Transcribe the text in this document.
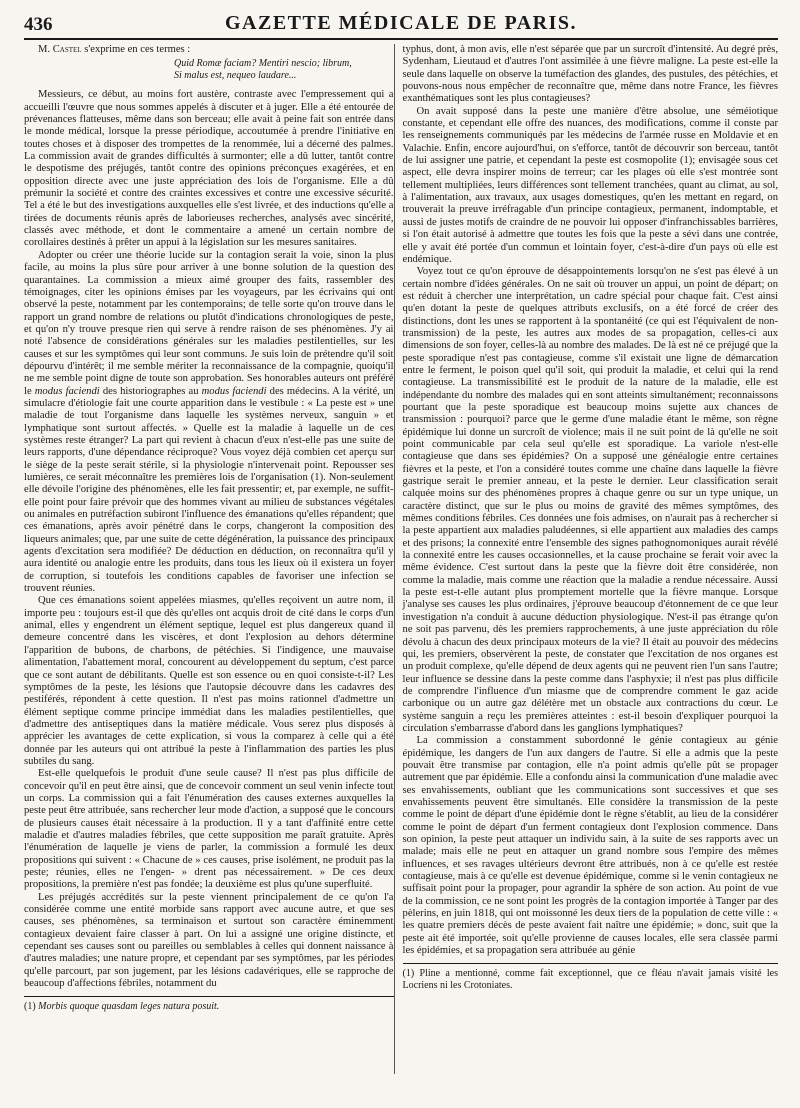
436	GAZETTE MÉDICALE DE PARIS.

M. Castel s'exprime en ces termes :

Quid Romæ faciam? Mentiri nescio; librum,
Si malus est, nequeo laudare...

Messieurs, ce début, au moins fort austère, contraste avec l'empressement qui a accueilli l'œuvre que nous sommes appelés à discuter et à juger. Elle a été entourée de prévenances flatteuses, même dans son berceau; elle avait à peine fait son entrée dans le monde médical, lorsque la presse périodique, accoutumée à prendre l'initiative en toutes choses et à disposer des trompettes de la renommée, lui a décerné des palmes. La commission avait de grandes difficultés à surmonter; elle a dû lutter, tantôt contre le despotisme des préjugés, tantôt contre des opinions préconçues exagérées, et en opposition directe avec une juste appréciation des lois de l'organisme. Elle a dû prémunir la société et contre des craintes excessives et contre une excessive sécurité. Tel a été le but des investigations auxquelles elle s'est livrée, et des inductions qu'elle a tirées de documents réunis après de laborieuses recherches, analysés avec sincérité, classés avec méthode, et dont le commentaire a amené un certain nombre de corollaires destinés à prêter un appui à la législation sur les mesures sanitaires.

Adopter ou créer une théorie lucide sur la contagion serait la voie, sinon la plus facile, au moins la plus sûre pour arriver à une bonne solution de la question des quarantaines. La commission a mieux aimé grouper des faits, rassembler des témoignages, citer les opinions émises par les voyageurs, par les écrivains qui ont observé la peste, notamment par les contemporains; de telle sorte qu'on trouve dans le rapport un grand nombre de relations ou plutôt d'indications chronologiques de peste, et qu'on n'y trouve presque rien qui serve à rendre raison de ses phénomènes. J'y ai noté l'absence de considérations générales sur les maladies pestilentielles, sur les causes et sur les symptômes qui leur sont communs. Je suis loin de prétendre qu'il soit dépourvu d'intérêt; il me semble mériter la reconnaissance de la compagnie, quoiqu'il ne me semble point digne de toute son approbation. Ses honorables auteurs ont préféré le modus faciendi des historiographes au modus faciendi des médecins. A la vérité, un simulacre d'étiologie fait une courte apparition dans le vestibule : « La peste est » une maladie de tout l'organisme dans laquelle les systèmes nerveux, sanguin » et lymphatique sont surtout affectés. » Quelle est la maladie à laquelle un de ces systèmes reste étranger? La part qui revient à chacun d'eux n'est-elle pas une suite de leurs rapports, d'une dépendance réciproque? Vous voyez déjà combien cet aperçu sur le siège de la peste serait stérile, si la physiologie n'intervenait point. Repousser ses lumières, ce serait méconnaître les premières lois de l'organisation (1). Non-seulement elle dévoile l'origine des phénomènes, elle les fait pressentir; et, par exemple, ne suffit-elle point pour faire prévoir que des hommes vivant au milieu de substances végétales ou animales en putréfaction subiront l'influence des émanations qu'elles répandent; que ces émanations, après avoir pénétré dans le corps, changeront la composition des liqueurs animales; que, par une suite de cette dégénération, la puissance des principaux agents d'excitation sera modifiée? De déduction en déduction, on reconnaîtra qu'il y aura identité ou analogie entre les produits, dans tous les lieux où il existera un foyer de corruption, si toutefois les conditions capables de favoriser une infection se trouvent réunies.

Que ces émanations soient appelées miasmes, qu'elles reçoivent un autre nom, il importe peu : toujours est-il que dès qu'elles ont acquis droit de cité dans le corps d'un animal, elles y engendrent un élément septique, lequel est plus dangereux quand il demeure concentré dans les viscères, et dont l'explosion au dehors détermine l'apparition de bubons, de charbons, de pétéchies. Si l'indigence, une mauvaise alimentation, l'abattement moral, concourent au développement du septum, c'est parce que ce sont autant de débilitants. Quelle est son essence ou en quoi consiste-t-il? Les symptômes de la peste, les lésions que l'autopsie découvre dans les cadavres des pestiférés, répondent à cette question. Il n'est pas moins rationnel d'admettre un élément septique comme principe immédiat dans les maladies pestilentielles, que d'admettre des antiseptiques dans la matière médicale. Vous serez plus disposés à apprécier les avantages de cette explication, si vous la comparez à celle qui a été donnée par les auteurs qui ont attribué la peste à l'inflammation des parties les plus subtiles du sang.

Est-elle quelquefois le produit d'une seule cause? Il n'est pas plus difficile de concevoir qu'il en peut être ainsi, que de concevoir comment un seul venin infecte tout un corps. La commission qui a fait l'énumération des causes externes auxquelles la peste peut être attribuée, sans rechercher leur mode d'action, a supposé que le concours de plusieurs causes était nécessaire à la production. Il y a tant d'affinité entre cette maladie et d'autres maladies fébriles, que cette supposition me paraît gratuite. Après l'énumération de laquelle je viens de parler, la commission a formulé les deux propositions qui suivent : « Chacune de » ces causes, prise isolément, ne produit pas la peste; réunies, elles ne l'engen- » drent pas nécessairement. » De ces deux propositions, la première n'est pas fondée; la deuxième est plus qu'une superfluité.

Les préjugés accrédités sur la peste viennent principalement de ce qu'on l'a considérée comme une entité morbide sans rapport avec aucune autre, et que ses causes, ses phénomènes, sa terminaison et surtout son caractère éminemment contagieux devaient faire classer à part. On lui a assigné une origine distincte, et cependant ses causes sont ou pareilles ou semblables à celles qui donnent naissance à d'autres maladies; une nature propre, et cependant par ses symptômes, par les périodes qu'elle parcourt, par son jugement, par les lésions cadavériques, elle se rapproche de beaucoup d'affections fébriles, notamment du

(1) Morbis quoque quasdam leges natura posuit.

typhus, dont, à mon avis, elle n'est séparée que par un surcroît d'intensité. Au degré près, Sydenham, Lieutaud et d'autres l'ont assimilée à une fièvre maligne. La peste est-elle la seule dans laquelle on observe la tuméfaction des glandes, des pustules, des pétéchies, et pouvons-nous nous empêcher de reconnaître que, même dans notre France, les fièvres exanthématiques sont les plus contagieuses?

On avait supposé dans la peste une manière d'être absolue, une séméiotique constante, et cependant elle offre des nuances, des modifications, comme il conste par les renseignements communiqués par les médecins de l'armée russe en Moldavie et en Valachie. Enfin, encore aujourd'hui, on s'efforce, tantôt de découvrir son berceau, tantôt de lui assigner une patrie, et cependant la peste est cosmopolite (1); envisagée sous cet aspect, elle devra inspirer moins de terreur; car les plages où elle s'est montrée sont tellement multipliées, leurs différences sont tellement tranchées, quant au climat, au sol, à l'alimentation, aux travaux, aux usages domestiques, qu'en les mettant en regard, on trouverait la preuve irréfragable d'un principe contagieux, permanent, indomptable, et aussi de justes motifs de craindre de ne pouvoir lui opposer d'infranchissables barrières, si l'on était autorisé à admettre que toutes les fois que la peste a sévi dans une contrée, elle y avait été portée d'un commun et lointain foyer, c'est-à-dire d'un pays où elle est endémique.

Voyez tout ce qu'on éprouve de désappointements lorsqu'on ne s'est pas élevé à un certain nombre d'idées générales. On ne sait où trouver un appui, un point de départ; on est réduit à chercher une interprétation, un cadre spécial pour chaque fait. C'est ainsi qu'en dotant la peste de quelques attributs exclusifs, on a été forcé de créer des distinctions, dont les unes se rapportent à la spontanéité (ce qui est l'équivalent de non-transmission) de la peste, les autres aux modes de sa propagation, celles-ci aux dimensions de son foyer, celles-là au nombre des malades. De là est né ce préjugé que la peste sporadique n'est pas contagieuse, comme s'il existait une ligne de démarcation entre le ferment, le poison quel qu'il soit, qui produit la maladie, et celui qui la rend contagieuse. La transmissibilité est le produit de la nature de la maladie, elle est indépendante du nombre des malades qui en sont atteints simultanément; reconnaissons pourtant que la peste sporadique est beaucoup moins sujette aux chances de transmission : pourquoi? parce que le germe d'une maladie étant le même, son règne épidémique lui donne un surcroît de violence; mais il ne suit point de là qu'elle ne soit point communicable par cela seul qu'elle est sporadique. La variole n'est-elle contagieuse que dans ses épidémies? On a supposé une généalogie entre certaines fièvres et la peste, et l'on a considéré toutes comme une chaîne dans laquelle la fièvre gastrique serait le premier anneau, et la peste le dernier. Leur classification serait calquée moins sur des phénomènes propres à chaque genre ou sur un type unique, un caractère distinct, que sur le plus ou moins de gravité des mêmes symptômes, des mêmes conditions fébriles. Ces données une fois admises, on n'aurait pas à rechercher si la peste appartient aux maladies paludéennes, si elle appartient aux maladies des camps et des prisons; la connexité entre l'ensemble des signes pathognomoniques aurait révélé la connexité entre les causes occasionnelles, et la cause prochaine se ferait voir avec la même évidence. C'est surtout dans la peste que la fièvre doit être considérée, non comme la maladie, mais comme une réaction que la maladie a rendue nécessaire. Aussi la peste est-t-elle autant plus promptement mortelle que la fièvre manque. Lorsque j'analyse ses causes les plus ordinaires, j'éprouve beaucoup d'étonnement de ce que leur investigation n'a conduit à aucune déduction physiologique. N'est-il pas étrange qu'on ne soit pas parvenu, dès les premiers rapprochements, à une juste appréciation du rôle dévolu à chacun des deux principaux moteurs de la vie? Il était au pouvoir des médecins qui, les premiers, observèrent la peste, de constater que l'excitation de nos organes est un produit complexe, qu'elle dépend de deux agents qui ne peuvent rien l'un sans l'autre; leur influence se dessine dans la peste comme dans l'asphyxie; il n'est pas plus difficile de comprendre l'influence d'un miasme que de comprendre comment le gaz acide carbonique ou un autre gaz délétère met un obstacle aux contractions du cœur. Le système sanguin a reçu les premières atteintes : est-il besoin d'expliquer pourquoi la circulation s'embarrasse d'abord dans les ganglions lymphatiques?

La commission a constamment subordonné le génie contagieux au génie épidémique, les dangers de l'un aux dangers de l'autre. Si elle a admis que la peste pouvait être transmise par contagion, elle n'a point admis qu'elle pût se propager autrement que par épidémie. Elle a confondu ainsi la communication d'une maladie avec ses envahissements, oubliant que les communications sont successives et que ses envahissements peuvent être simultanés. Elle considère la transmission de la peste comme le point de départ d'une épidémie dont le règne s'établit, au lieu de la considérer comme le point de départ d'un ferment contagieux dont l'explosion commence. Dans son opinion, la peste peut attaquer un individu sain, à la suite de ses rapports avec un malade; mais elle ne peut en attaquer un grand nombre sous l'empire des mêmes influences, et ses ravages ultérieurs devront être attribués, non à ce qu'elle est restée contagieuse, mais à ce qu'elle est devenue épidémique, comme si le venin contagieux ne suffisait point pour la propager, pour agrandir la sphère de son action. Au point de vue de la commission, ce ne sont point les progrès de la contagion importée à Tanger par des pèlerins, en juin 1818, qui ont moissonné les deux tiers de la population de cette ville : « les quatre premiers décès de peste avaient fait naître une épidémie; » donc, suit que la peste ait été importée, soit qu'elle provienne de causes locales, elle sera classée parmi les épidémies, et sa propagation sera attribuée au génie

(1) Pline a mentionné, comme fait exceptionnel, que ce fléau n'avait jamais visité les Locriens ni les Crotoniates.
